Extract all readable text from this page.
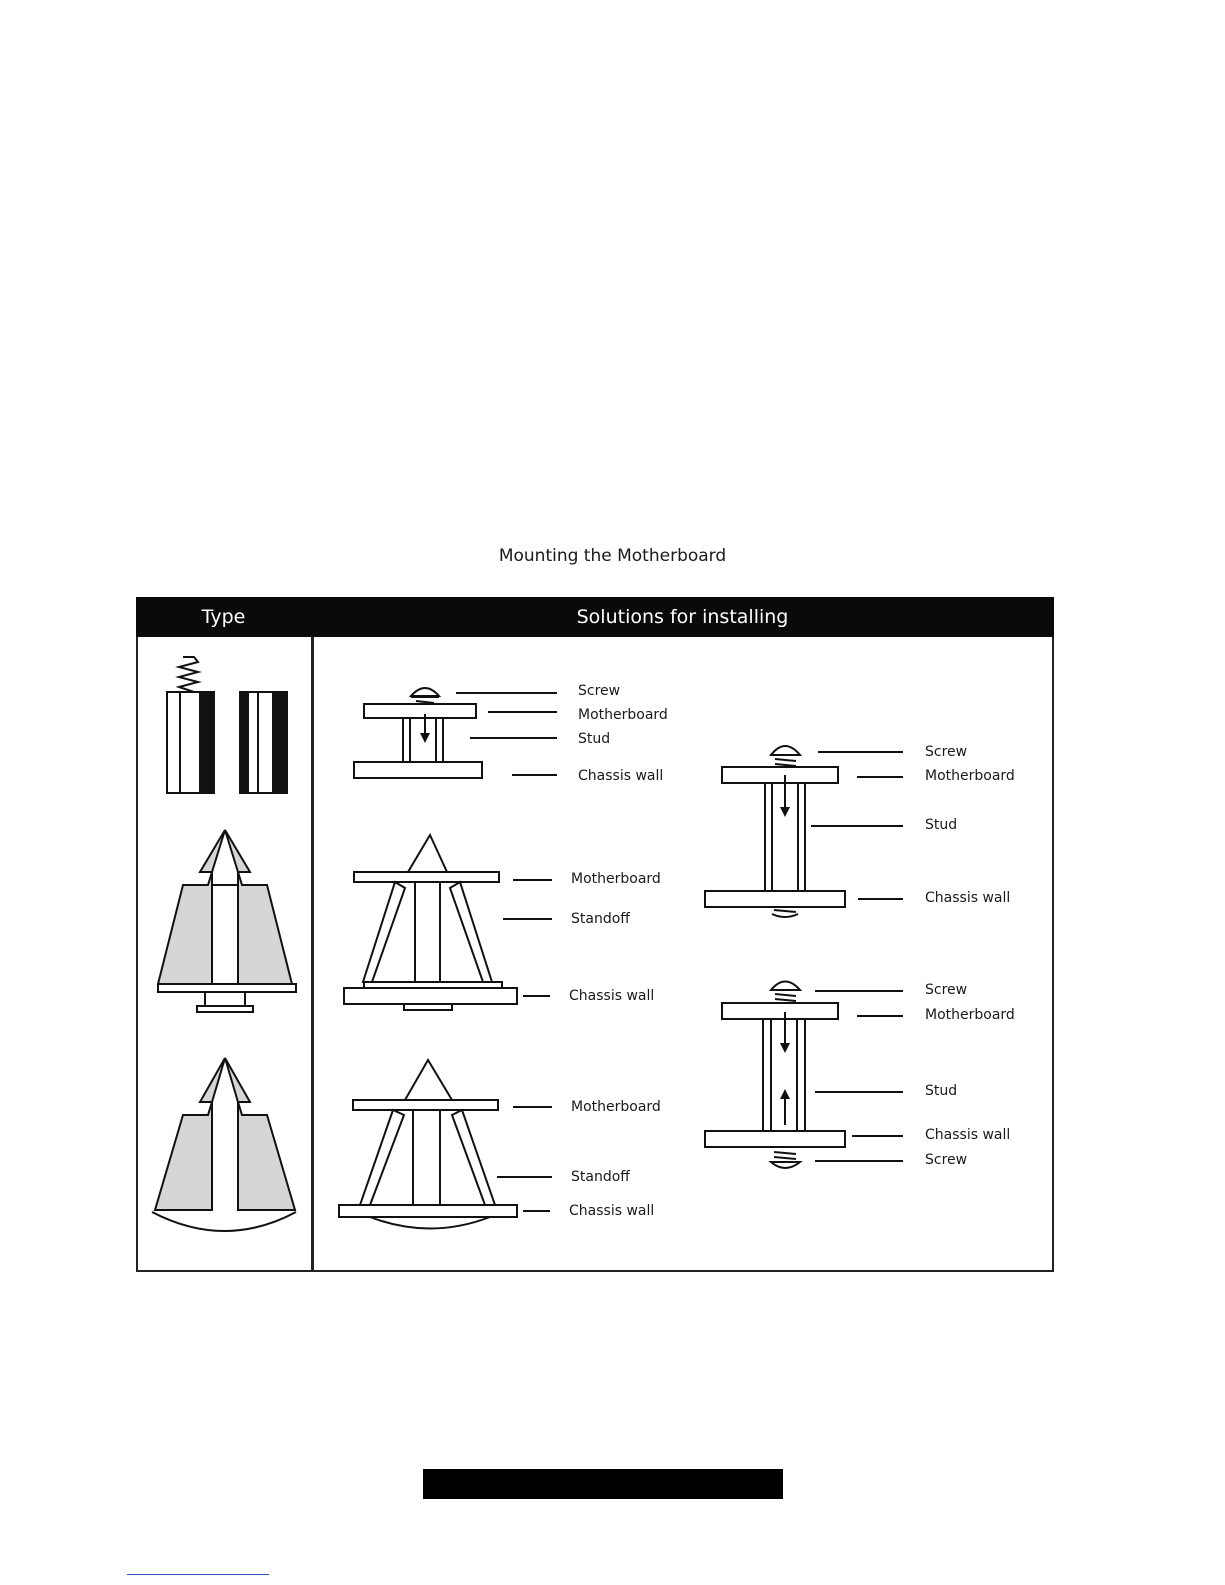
Mounting the Motherboard
Type	Solutions for installing
Screw
Motherboard
Stud
Chassis wall
Motherboard
Standoff
Chassis wall
Motherboard
Standoff
Chassis wall
Screw
Motherboard
Stud
Chassis wall
Screw
Motherboard
Stud
Chassis wall
Screw
